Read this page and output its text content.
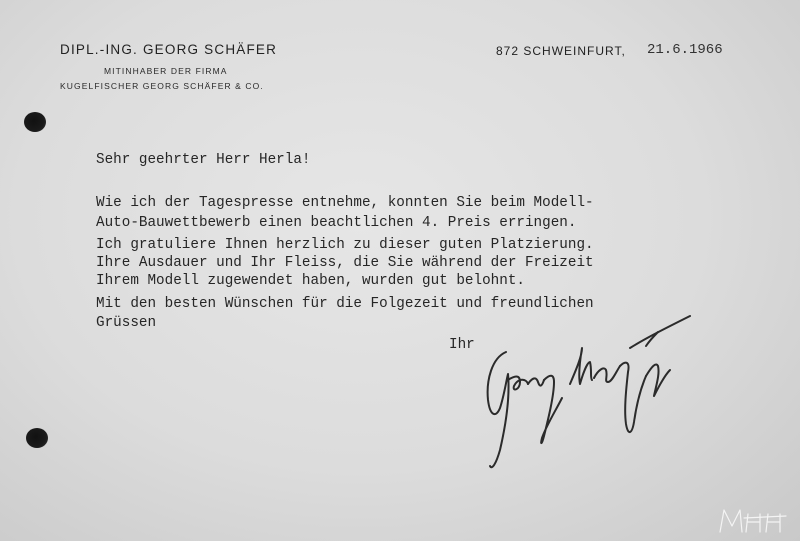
DIPL.-ING. GEORG SCHÄFER
MITINHABER DER FIRMA
KUGELFISCHER GEORG SCHÄFER & CO.
872 SCHWEINFURT, 21.6.1966
Sehr geehrter Herr Herla!
Wie ich der Tagespresse entnehme, konnten Sie beim Modell-
Auto-Bauwettbewerb einen beachtlichen 4. Preis erringen.
Ich gratuliere Ihnen herzlich zu dieser guten Platzierung.
Ihre Ausdauer und Ihr Fleiss, die Sie während der Freizeit
Ihrem Modell zugewendet haben, wurden gut belohnt.
Mit den besten Wünschen für die Folgezeit und freundlichen
Grüssen
Ihr
